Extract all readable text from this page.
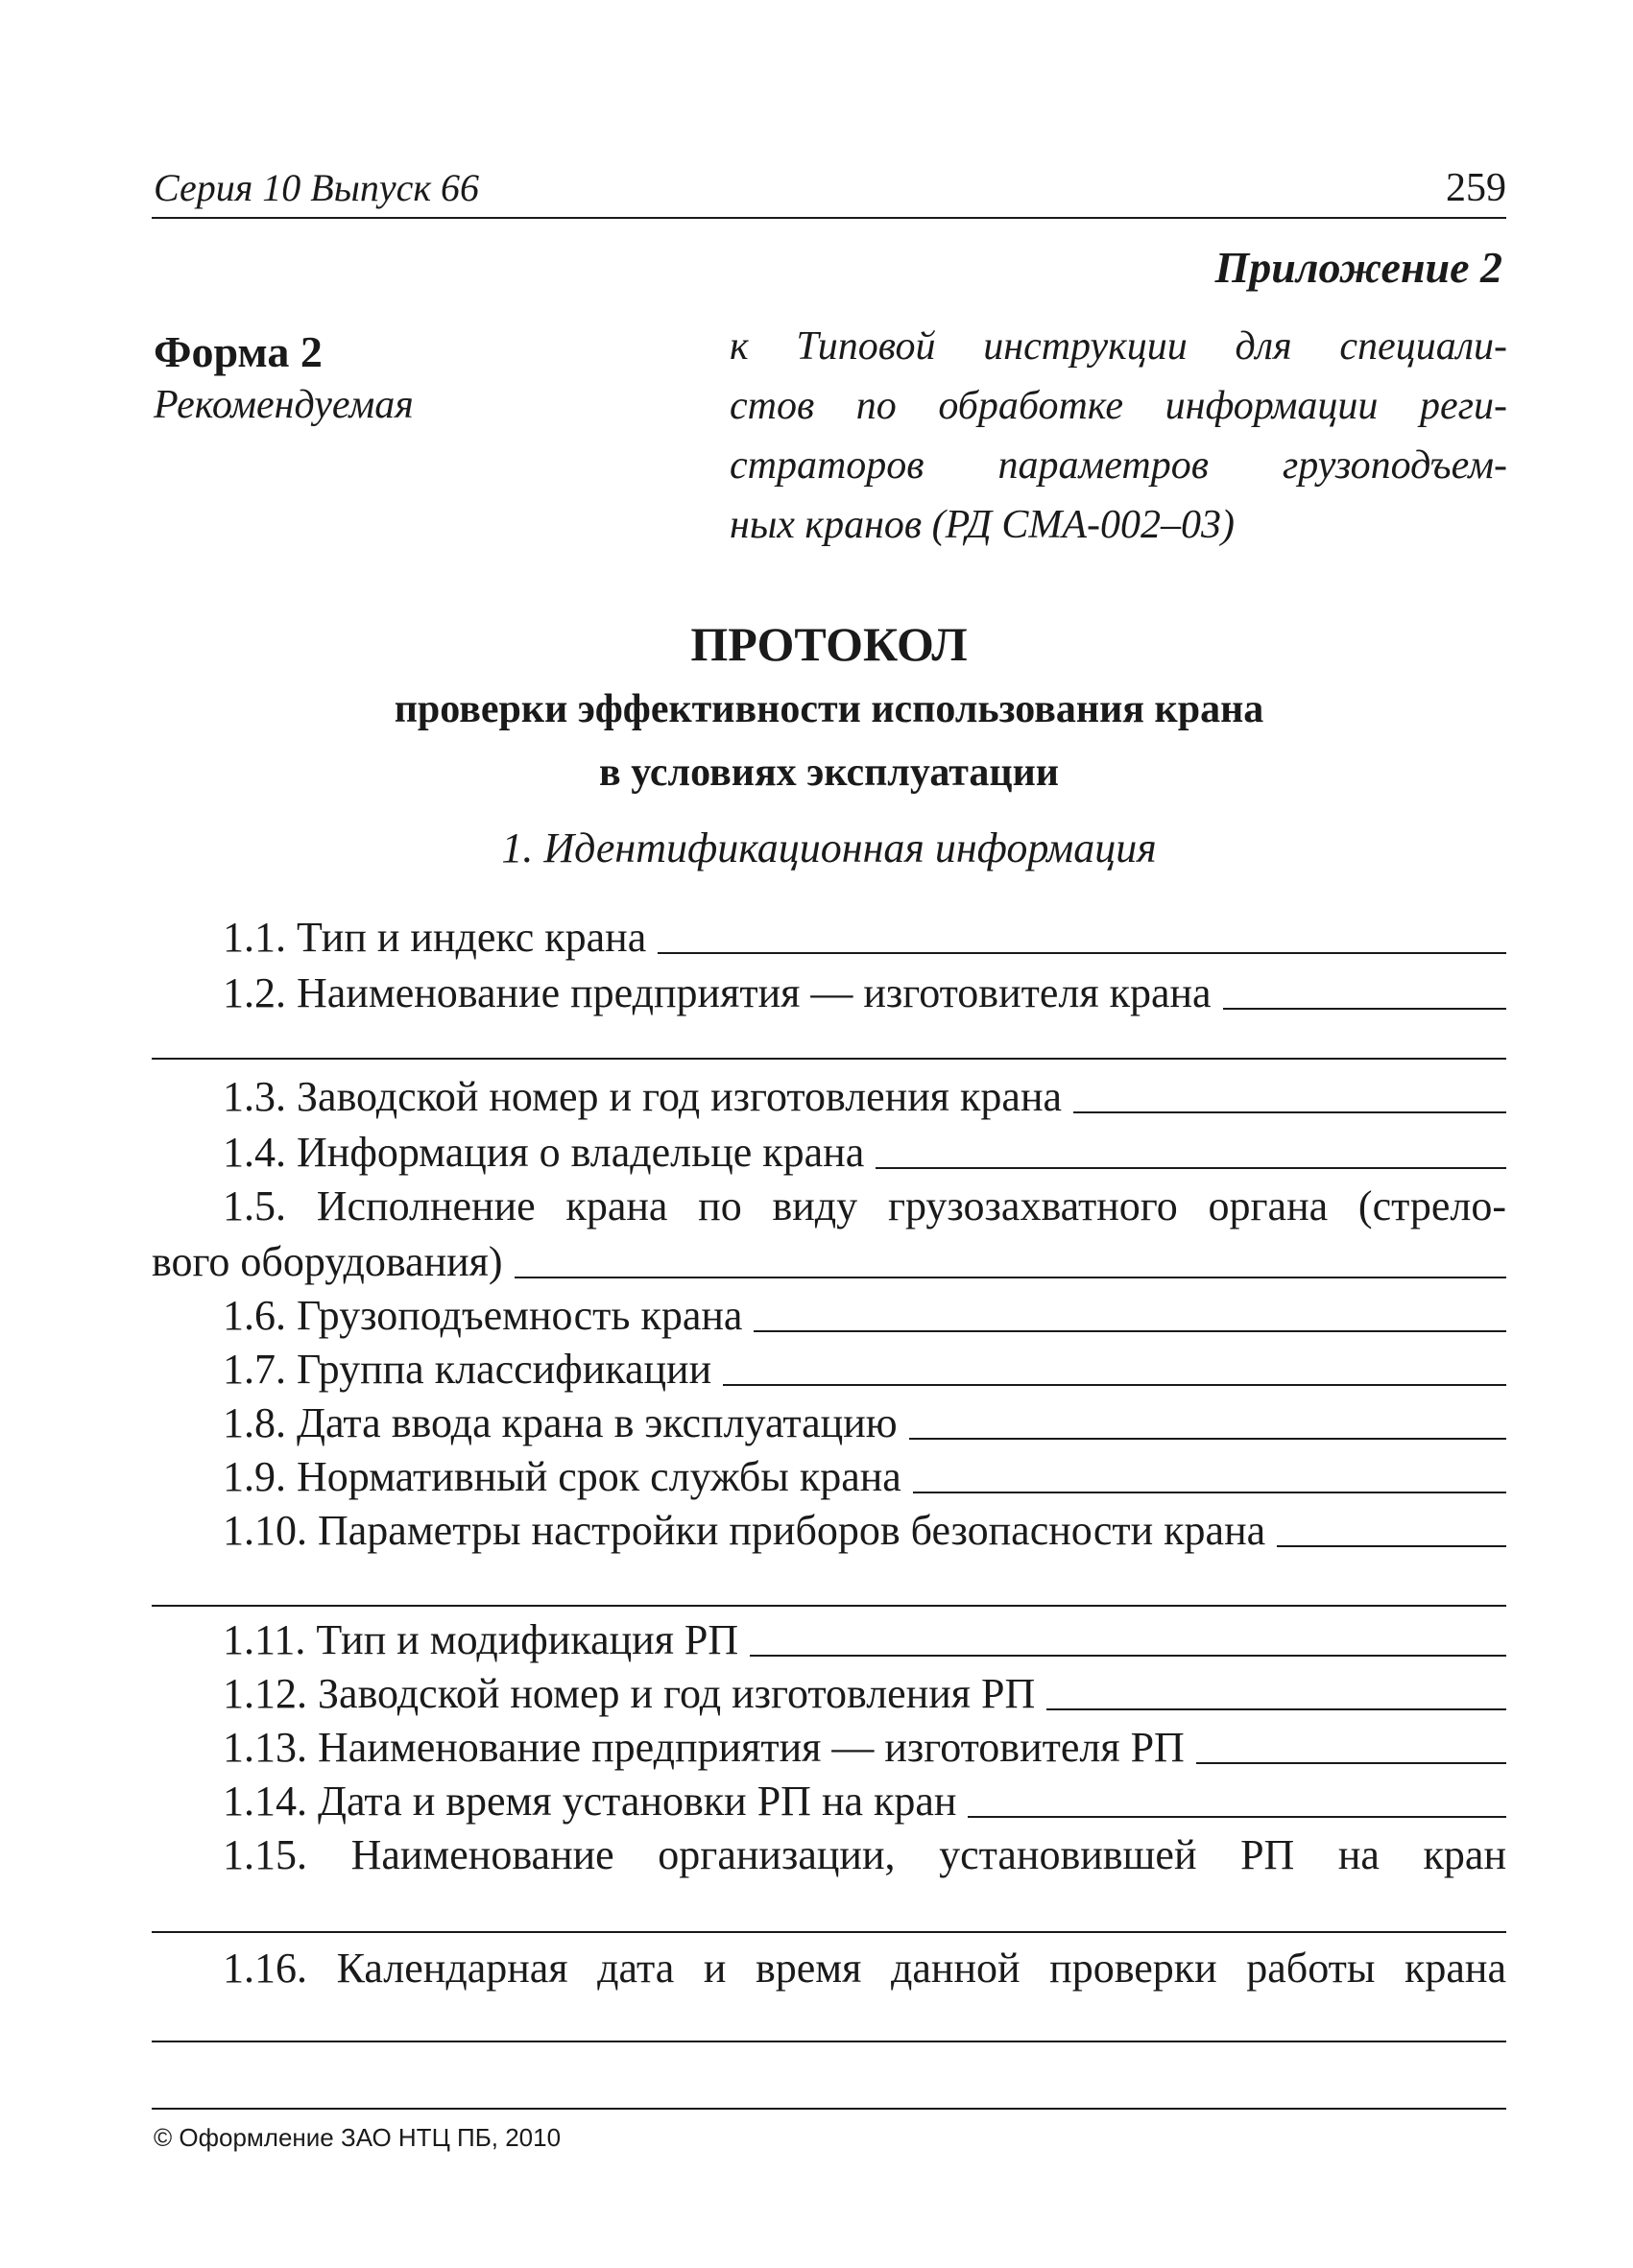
Серия 10 Выпуск 66	259
Приложение 2
Форма 2
Рекомендуемая
к Типовой инструкции для специали-
стов по обработке информации реги-
страторов параметров грузоподъем-
ных кранов (РД СМА-002–03)
ПРОТОКОЛ
проверки эффективности использования крана
в условиях эксплуатации
1. Идентификационная информация
1.1. Тип и индекс крана
1.2. Наименование предприятия — изготовителя крана
1.3. Заводской номер и год изготовления крана
1.4. Информация о владельце крана
1.5. Исполнение крана по виду грузозахватного органа (стрело-
вого оборудования)
1.6. Грузоподъемность крана
1.7. Группа классификации
1.8. Дата ввода крана в эксплуатацию
1.9. Нормативный срок службы крана
1.10. Параметры настройки приборов безопасности крана
1.11. Тип и модификация РП
1.12. Заводской номер и год изготовления РП
1.13. Наименование предприятия — изготовителя РП
1.14. Дата и время установки РП на кран
1.15. Наименование организации, установившей РП на кран
1.16. Календарная дата и время данной проверки работы крана
© Оформление ЗАО НТЦ ПБ, 2010
